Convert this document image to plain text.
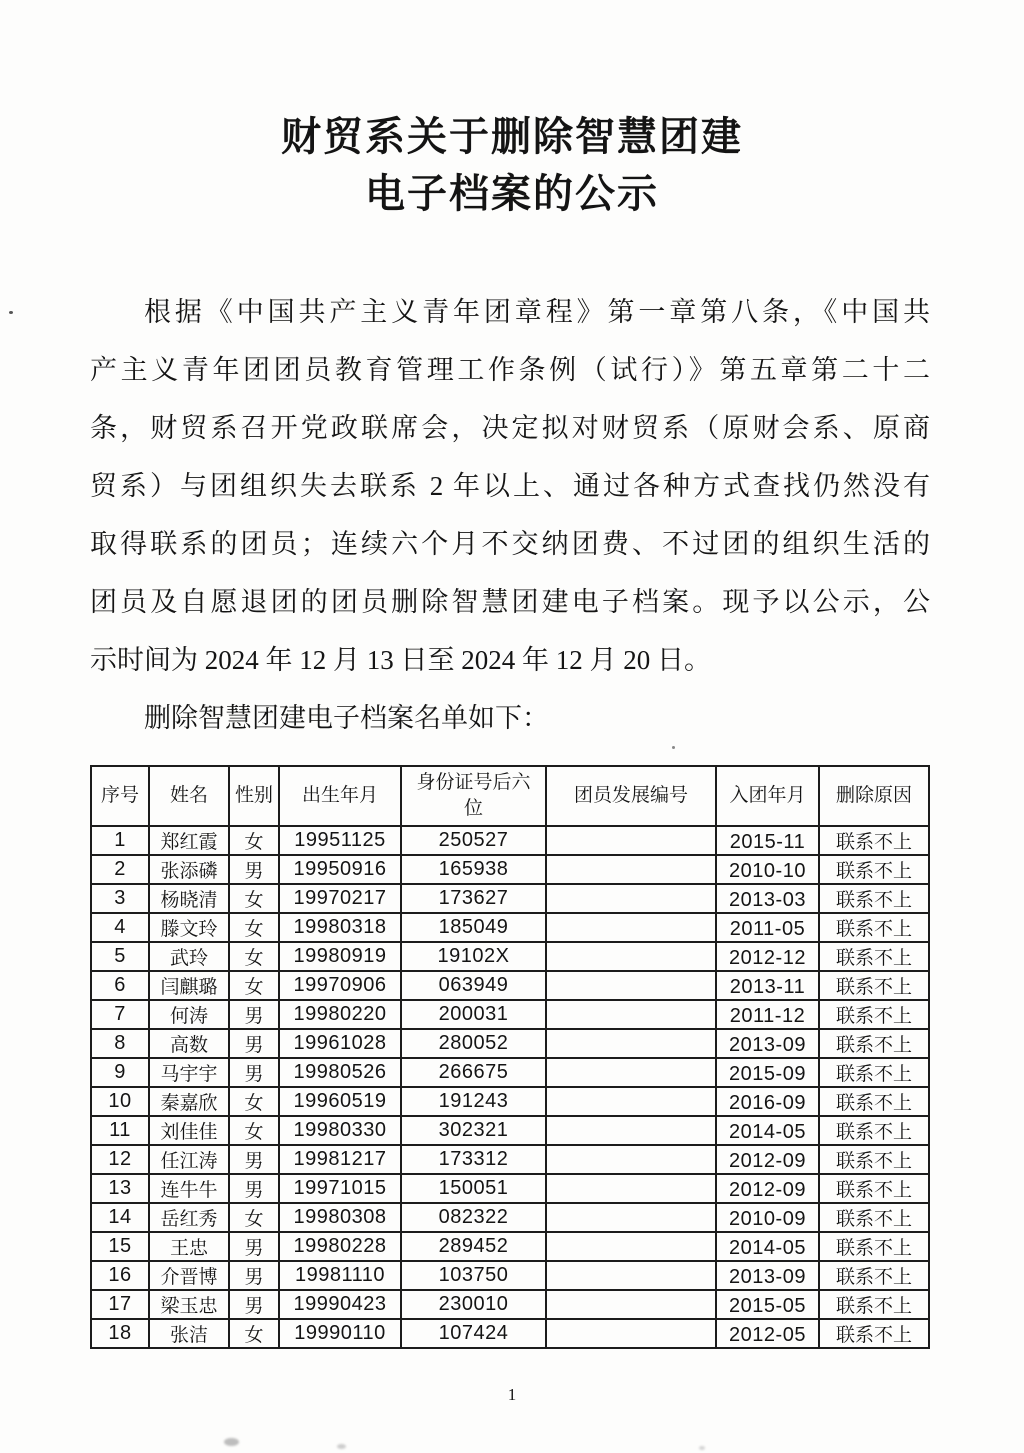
财贸系关于删除智慧团建
电子档案的公示
根据《中国共产主义青年团章程》第一章第八条，《中国共
产主义青年团团员教育管理工作条例（试行）》第五章第二十二
条，财贸系召开党政联席会，决定拟对财贸系（原财会系、原商
贸系）与团组织失去联系 2 年以上、通过各种方式查找仍然没有
取得联系的团员；连续六个月不交纳团费、不过团的组织生活的
团员及自愿退团的团员删除智慧团建电子档案。现予以公示，公
示时间为 2024 年 12 月 13 日至 2024 年 12 月 20 日。
删除智慧团建电子档案名单如下：
序号	姓名	性别	出生年月	身份证号后六位	团员发展编号	入团年月	删除原因
1	郑红霞	女	19951125	250527		2015-11	联系不上
2	张添磷	男	19950916	165938		2010-10	联系不上
3	杨晓清	女	19970217	173627		2013-03	联系不上
4	滕文玲	女	19980318	185049		2011-05	联系不上
5	武玲	女	19980919	19102X		2012-12	联系不上
6	闫麒璐	女	19970906	063949		2013-11	联系不上
7	何涛	男	19980220	200031		2011-12	联系不上
8	高数	男	19961028	280052		2013-09	联系不上
9	马宇宇	男	19980526	266675		2015-09	联系不上
10	秦嘉欣	女	19960519	191243		2016-09	联系不上
11	刘佳佳	女	19980330	302321		2014-05	联系不上
12	任江涛	男	19981217	173312		2012-09	联系不上
13	连牛牛	男	19971015	150051		2012-09	联系不上
14	岳红秀	女	19980308	082322		2010-09	联系不上
15	王忠	男	19980228	289452		2014-05	联系不上
16	介晋博	男	19981110	103750		2013-09	联系不上
17	梁玉忠	男	19990423	230010		2015-05	联系不上
18	张洁	女	19990110	107424		2012-05	联系不上
1
